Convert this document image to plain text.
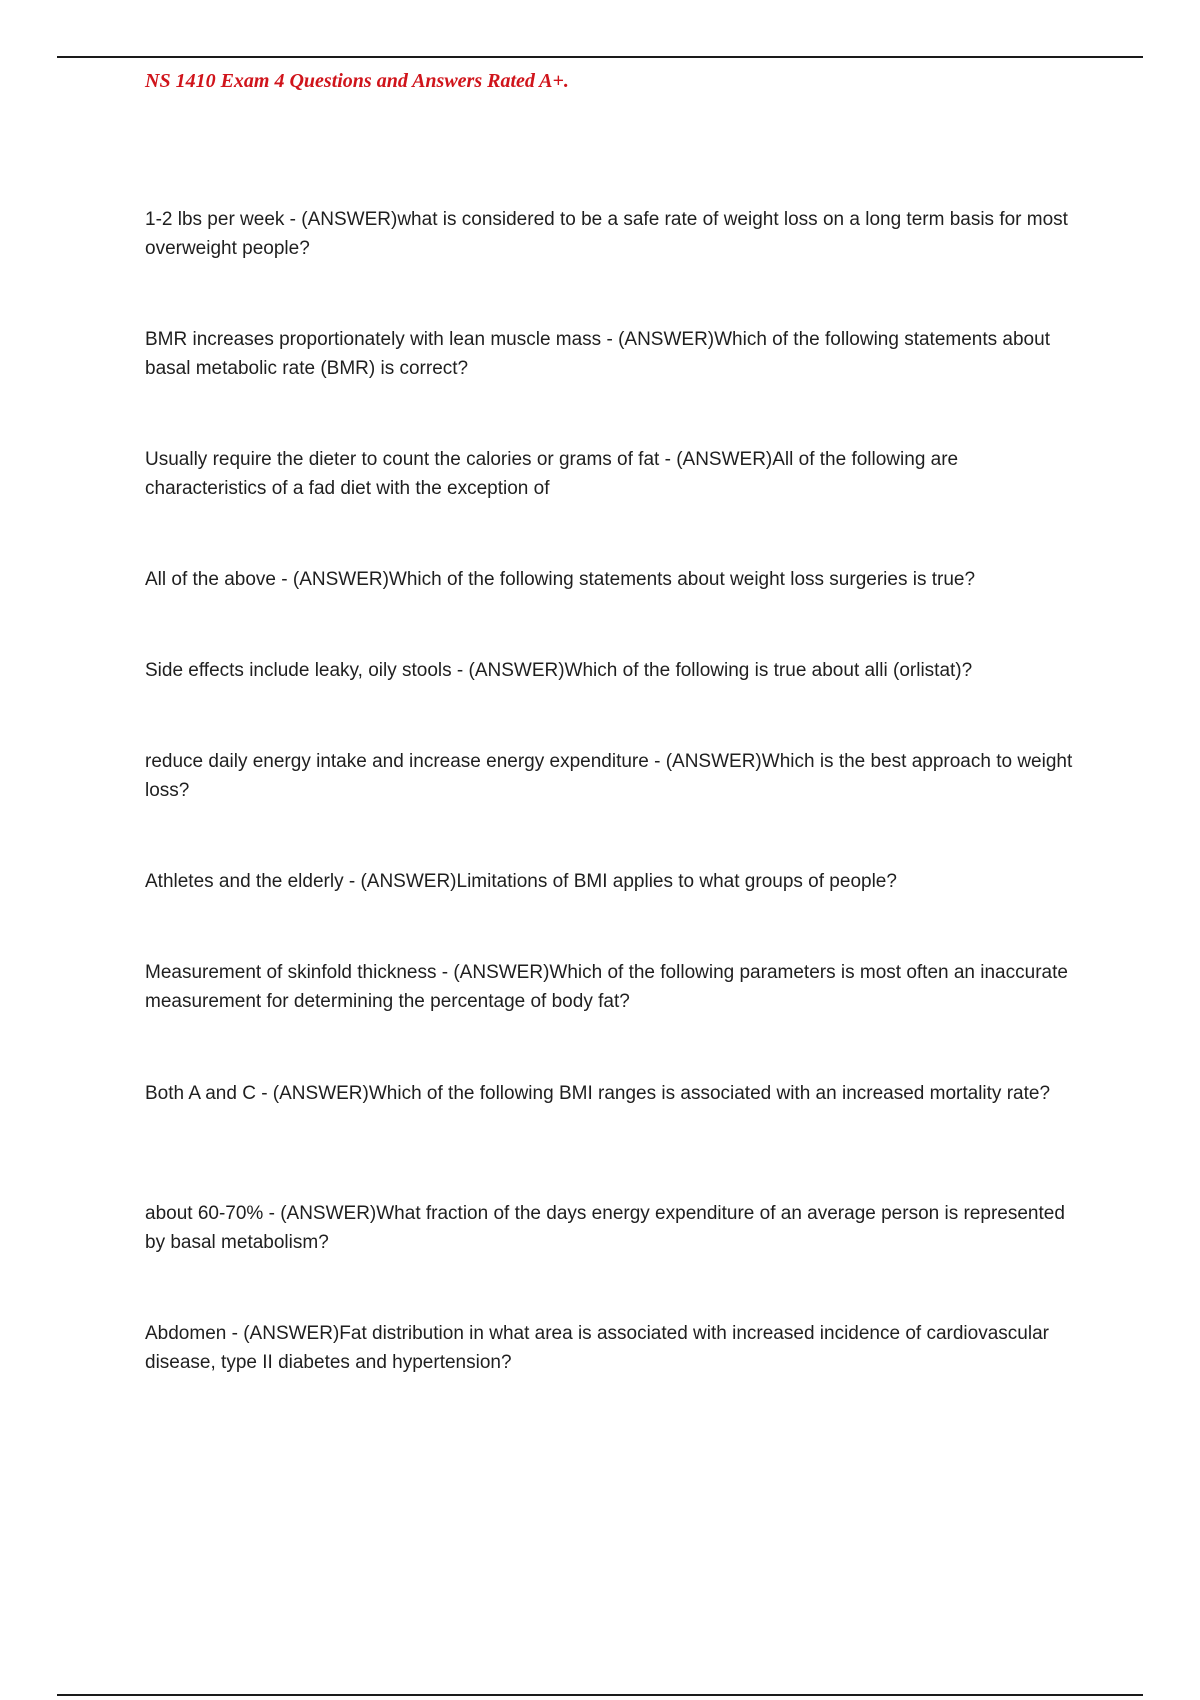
NS 1410 Exam 4 Questions and Answers Rated A+.
1-2 lbs per week - (ANSWER)what is considered to be a safe rate of weight loss on a long term basis for most overweight people?
BMR increases proportionately with lean muscle mass - (ANSWER)Which of the following statements about basal metabolic rate (BMR) is correct?
Usually require the dieter to count the calories or grams of fat - (ANSWER)All of the following are characteristics of a fad diet with the exception of
All of the above - (ANSWER)Which of the following statements about weight loss surgeries is true?
Side effects include leaky, oily stools - (ANSWER)Which of the following is true about alli (orlistat)?
reduce daily energy intake and increase energy expenditure - (ANSWER)Which is the best approach to weight loss?
Athletes and the elderly - (ANSWER)Limitations of BMI applies to what groups of people?
Measurement of skinfold thickness - (ANSWER)Which of the following parameters is most often an inaccurate measurement for determining the percentage of body fat?
Both A and C - (ANSWER)Which of the following BMI ranges is associated with an increased mortality rate?
about 60-70% - (ANSWER)What fraction of the days energy expenditure of an average person is represented by basal metabolism?
Abdomen - (ANSWER)Fat distribution in what area is associated with increased incidence of cardiovascular disease, type II diabetes and hypertension?
